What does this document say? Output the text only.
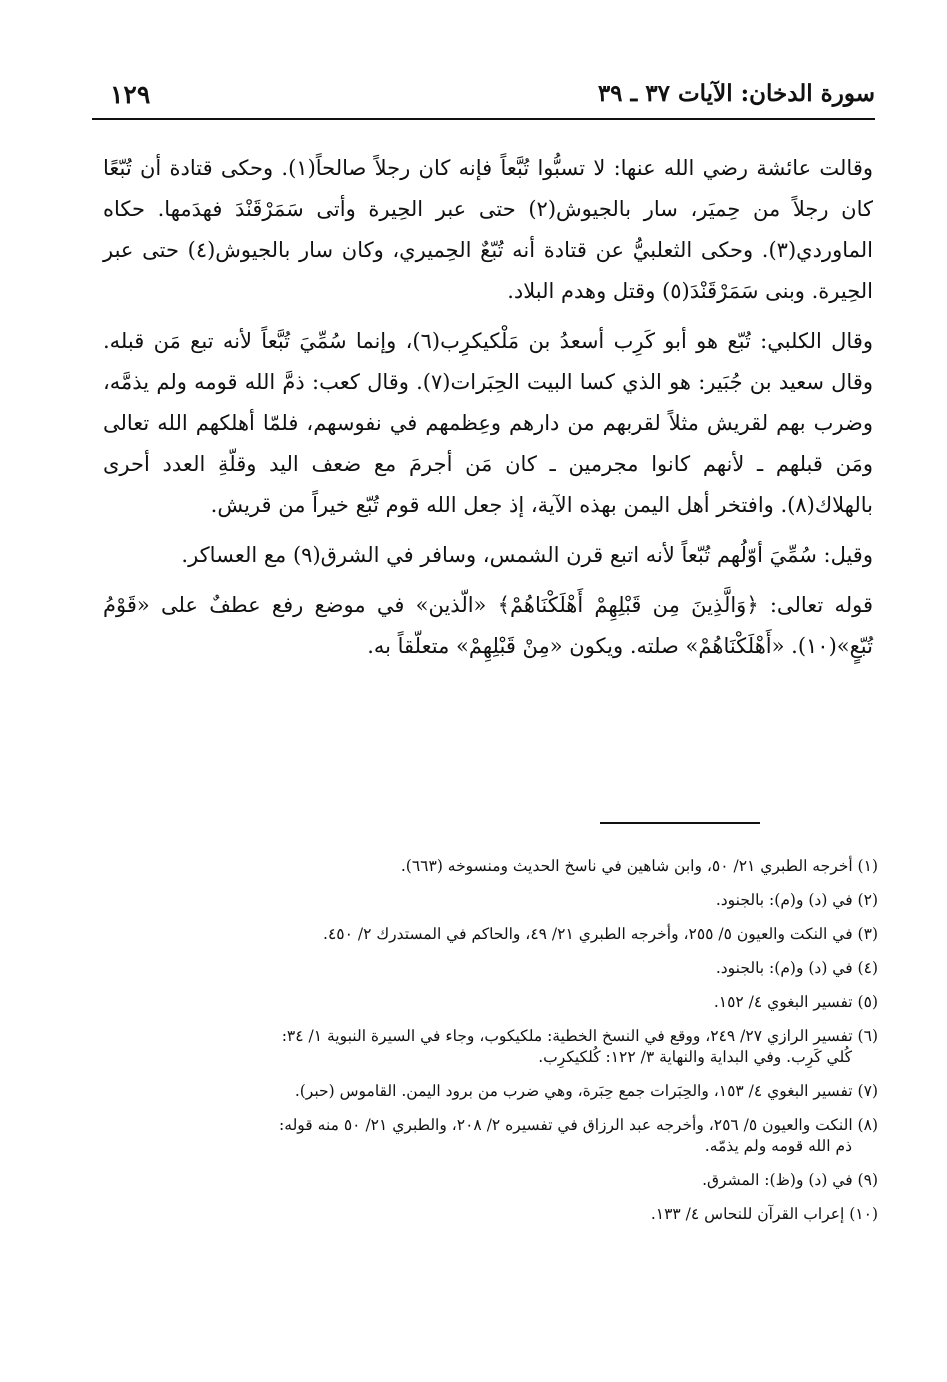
سورة الدخان: الآيات ٣٧ ـ ٣٩
١٢٩

وقالت عائشة رضي الله عنها: لا تسبُّوا تُبَّعاً فإنه كان رجلاً صالحاً(١). وحكى قتادة أن تُبّعًا كان رجلاً من حِميَر، سار بالجيوش(٢) حتى عبر الحِيرة وأتى سَمَرْقَنْدَ فهدَمها. حكاه الماوردي(٣). وحكى الثعلبيُّ عن قتادة أنه تُبّعٌ الحِميري، وكان سار بالجيوش(٤) حتى عبر الحِيرة. وبنى سَمَرْقَنْدَ(٥) وقتل وهدم البلاد.

وقال الكلبي: تُبّع هو أبو كَرِب أسعدُ بن مَلْكيكرِب(٦)، وإنما سُمِّيَ تُبَّعاً لأنه تبع مَن قبله. وقال سعيد بن جُبَير: هو الذي كسا البيت الحِبَرات(٧). وقال كعب: ذمَّ الله قومه ولم يذمَّه، وضرب بهم لقريش مثلاً لقربهم من دارهم وعِظمهم في نفوسهم، فلمّا أهلكهم الله تعالى ومَن قبلهم ـ لأنهم كانوا مجرمين ـ كان مَن أجرمَ مع ضعف اليد وقلّةِ العدد أحرى بالهلاك(٨). وافتخر أهل اليمن بهذه الآية، إذ جعل الله قوم تُبّع خيراً من قريش.

وقيل: سُمِّيَ أوّلُهم تُبّعاً لأنه اتبع قرن الشمس، وسافر في الشرق(٩) مع العساكر.

قوله تعالى: ﴿وَالَّذِينَ مِن قَبْلِهِمْ أَهْلَكْنَاهُمْ﴾ «الّذين» في موضع رفع عطفٌ على «قَوْمُ تُبّعٍ»(١٠). «أَهْلَكْنَاهُمْ» صلته. ويكون «مِنْ قَبْلِهِمْ» متعلّقاً به.

(١) أخرجه الطبري ٢١/ ٥٠، وابن شاهين في ناسخ الحديث ومنسوخه (٦٦٣).

(٢) في (د) و(م): بالجنود.

(٣) في النكت والعيون ٥/ ٢٥٥، وأخرجه الطبري ٢١/ ٤٩، والحاكم في المستدرك ٢/ ٤٥٠.

(٤) في (د) و(م): بالجنود.

(٥) تفسير البغوي ٤/ ١٥٢.

(٦) تفسير الرازي ٢٧/ ٢٤٩، ووقع في النسخ الخطية: ملكيكوب، وجاء في السيرة النبوية ١/ ٣٤:
كُلي كَرِب. وفي البداية والنهاية ٣/ ١٢٢: كُلكيكرِب.

(٧) تفسير البغوي ٤/ ١٥٣، والحِبَرات جمع حِبَرة، وهي ضرب من برود اليمن. القاموس (حبر).

(٨) النكت والعيون ٥/ ٢٥٦، وأخرجه عبد الرزاق في تفسيره ٢/ ٢٠٨، والطبري ٢١/ ٥٠ منه قوله:
ذم الله قومه ولم يذمّه.

(٩) في (د) و(ظ): المشرق.

(١٠) إعراب القرآن للنحاس ٤/ ١٣٣.
